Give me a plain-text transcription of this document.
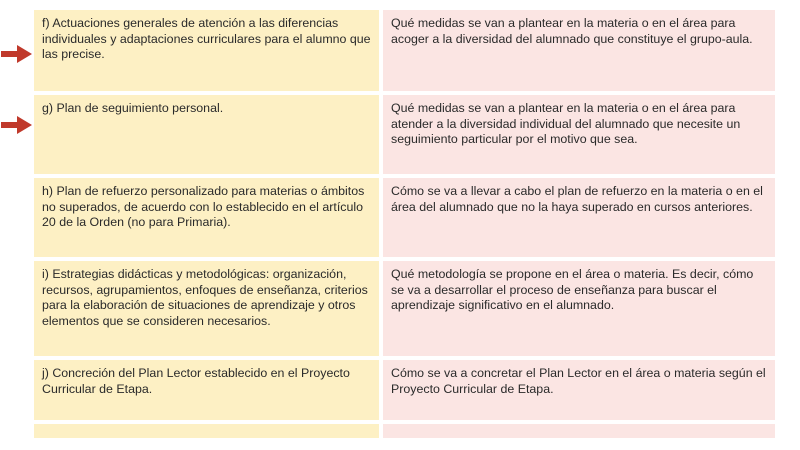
f) Actuaciones generales de atención a las diferencias individuales y adaptaciones curriculares para el alumno que las precise.
Qué medidas se van a plantear en la materia o en el área para acoger a la diversidad del alumnado que constituye el grupo-aula.
g) Plan de seguimiento personal.	Qué medidas se van a plantear en la materia o en el área para atender a la diversidad individual del alumnado que necesite un seguimiento particular por el motivo que sea.
h) Plan de refuerzo personalizado para materias o ámbitos no superados, de acuerdo con lo establecido en el artículo 20 de la Orden (no para Primaria).
Cómo se va a llevar a cabo el plan de refuerzo en la materia o en el área del alumnado que no la haya superado en cursos anteriores.
i) Estrategias didácticas y metodológicas: organización, recursos, agrupamientos, enfoques de enseñanza, criterios para la elaboración de situaciones de aprendizaje y otros elementos que se consideren necesarios.
Qué metodología se propone en el área o materia. Es decir, cómo se va a desarrollar el proceso de enseñanza para buscar el aprendizaje significativo en el alumnado.
j) Concreción del Plan Lector establecido en el Proyecto Curricular de Etapa.
Cómo se va a concretar el Plan Lector en el área o materia según el Proyecto Curricular de Etapa.
